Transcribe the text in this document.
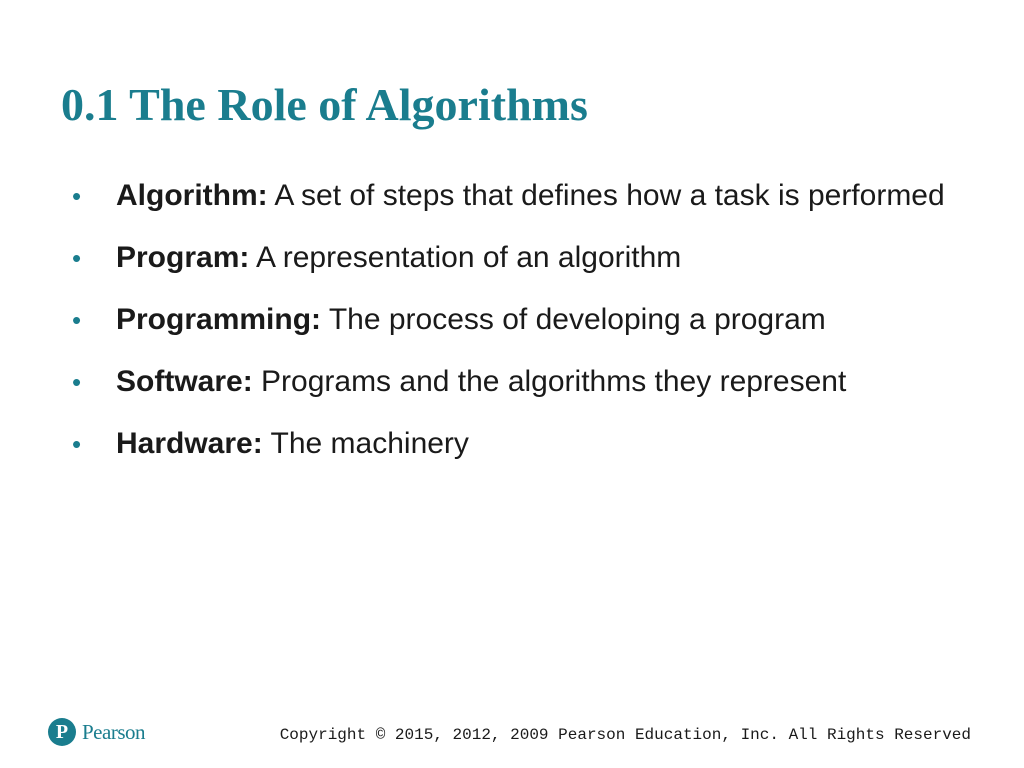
0.1 The Role of Algorithms
• Algorithm: A set of steps that defines how a task is performed
• Program: A representation of an algorithm
• Programming: The process of developing a program
• Software: Programs and the algorithms they represent
• Hardware: The machinery
P Pearson	Copyright © 2015, 2012, 2009 Pearson Education, Inc. All Rights Reserved
